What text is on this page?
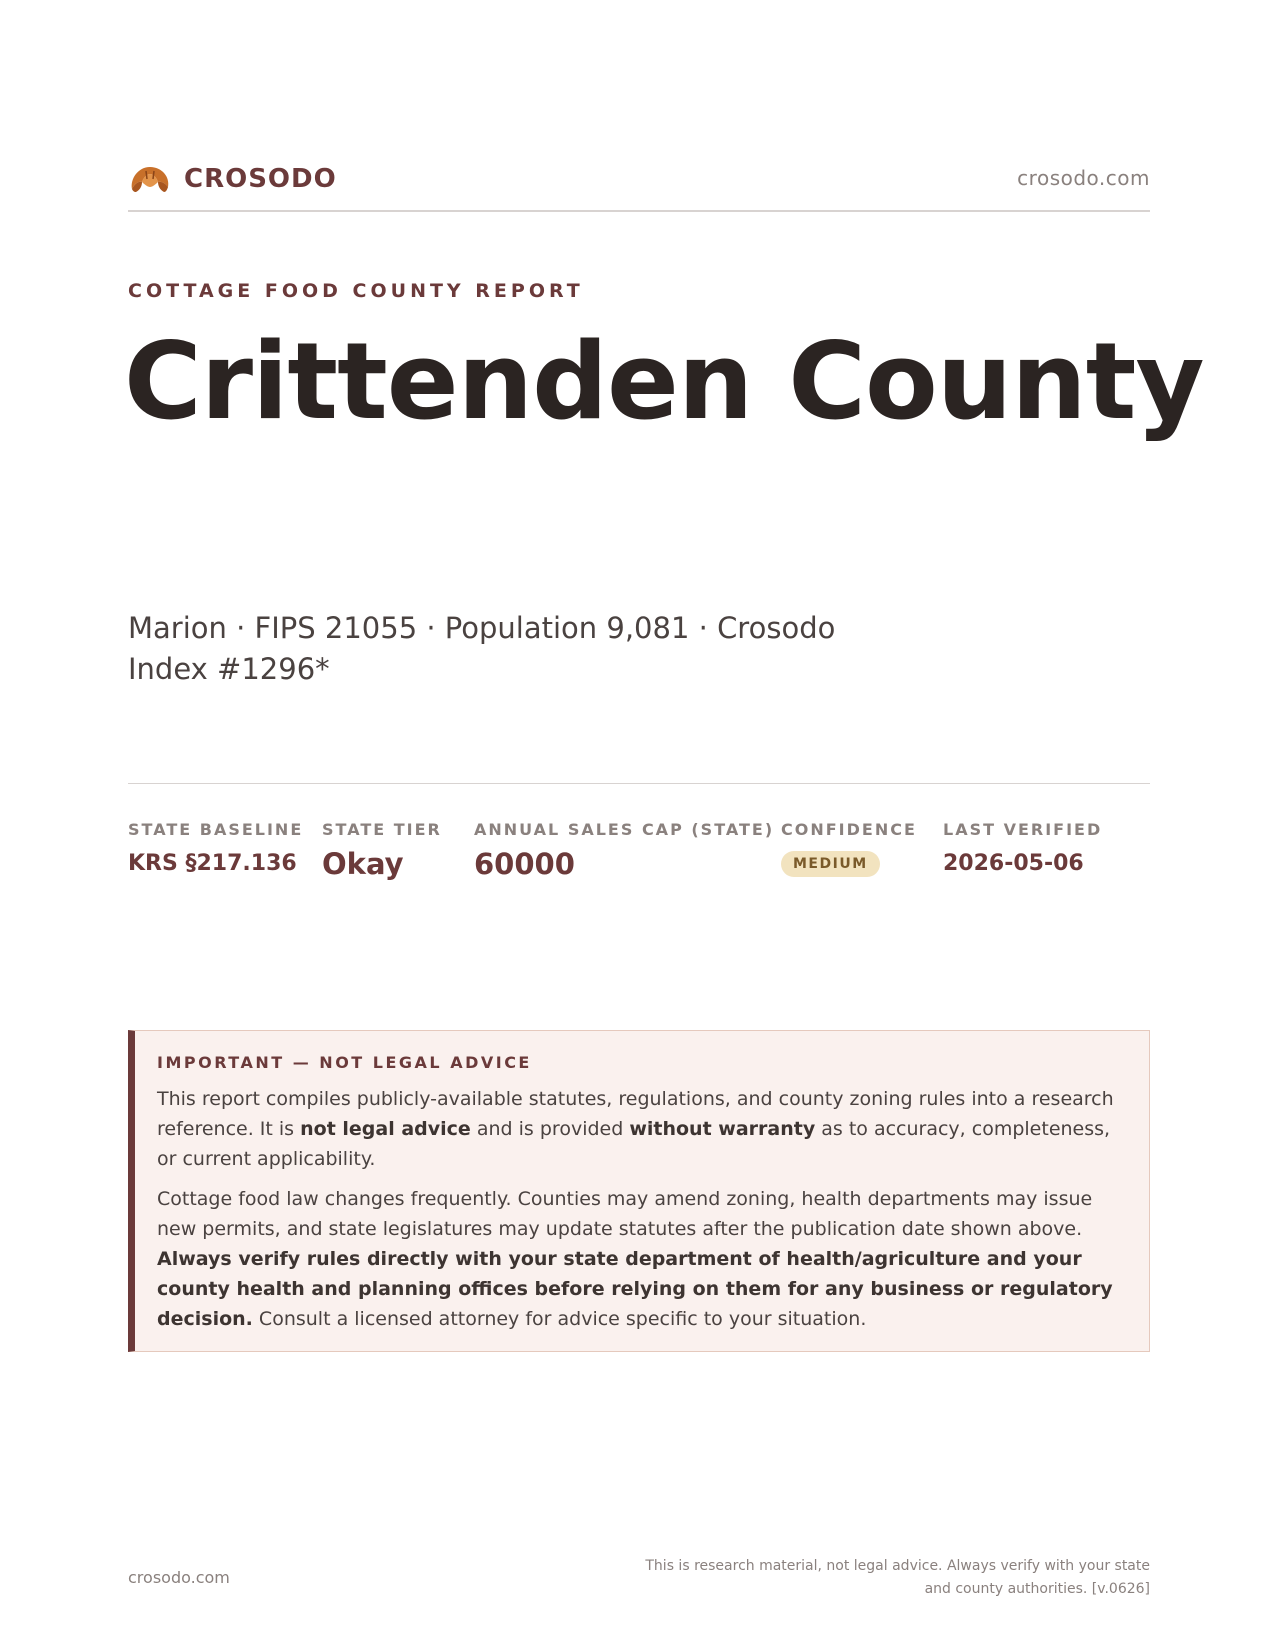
CROSODO	crosodo.com
COTTAGE FOOD COUNTY REPORT
Crittenden County
Marion · FIPS 21055 · Population 9,081 · Crosodo Index #1296*
STATE BASELINE
KRS §217.136
STATE TIER
Okay
ANNUAL SALES CAP (STATE)
60000
CONFIDENCE
MEDIUM
LAST VERIFIED
2026-05-06
IMPORTANT — NOT LEGAL ADVICE

This report compiles publicly-available statutes, regulations, and county zoning rules into a research reference. It is not legal advice and is provided without warranty as to accuracy, completeness, or current applicability.

Cottage food law changes frequently. Counties may amend zoning, health departments may issue new permits, and state legislatures may update statutes after the publication date shown above. Always verify rules directly with your state department of health/agriculture and your county health and planning offices before relying on them for any business or regulatory decision. Consult a licensed attorney for advice specific to your situation.

crosodo.com
This is research material, not legal advice. Always verify with your state and county authorities. [v.0626]
